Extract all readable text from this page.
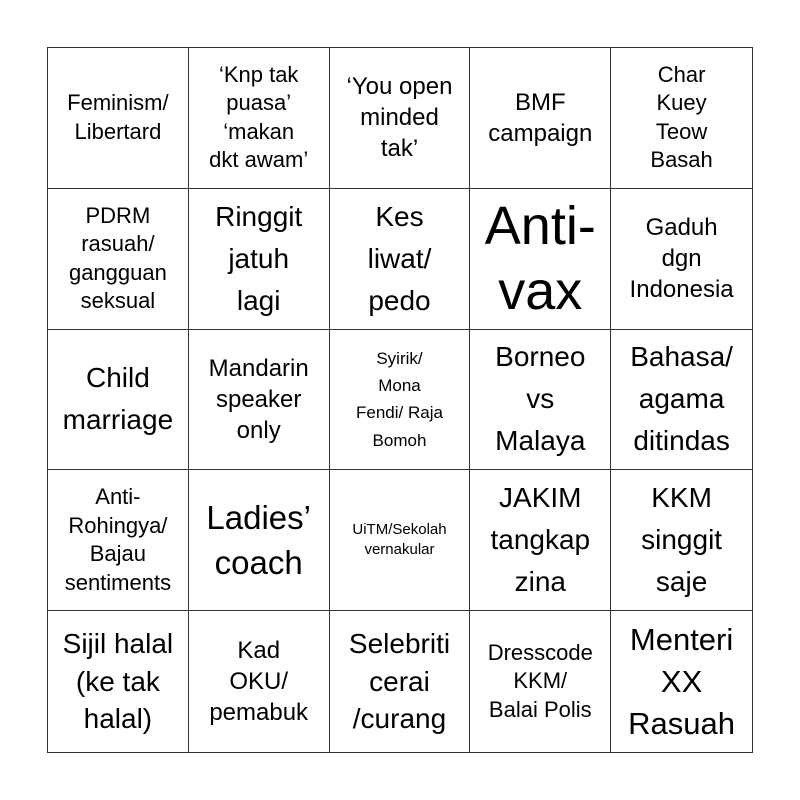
Feminism/
Libertard
‘Knp tak
puasa’
‘makan
dkt awam’
‘You open
minded
tak’
BMF
campaign
Char
Kuey
Teow
Basah
PDRM
rasuah/
gangguan
seksual
Ringgit
jatuh
lagi
Kes
liwat/
pedo
Anti-
vax
Gaduh
dgn
Indonesia
Child
marriage
Mandarin
speaker
only
Syirik/
Mona
Fendi/ Raja
Bomoh
Borneo
vs
Malaya
Bahasa/
agama
ditindas
Anti-
Rohingya/
Bajau
sentiments
Ladies’
coach
UiTM/Sekolah
vernakular
JAKIM
tangkap
zina
KKM
singgit
saje
Sijil halal
(ke tak
halal)
Kad
OKU/
pemabuk
Selebriti
cerai
/curang
Dresscode
KKM/
Balai Polis
Menteri
XX
Rasuah
